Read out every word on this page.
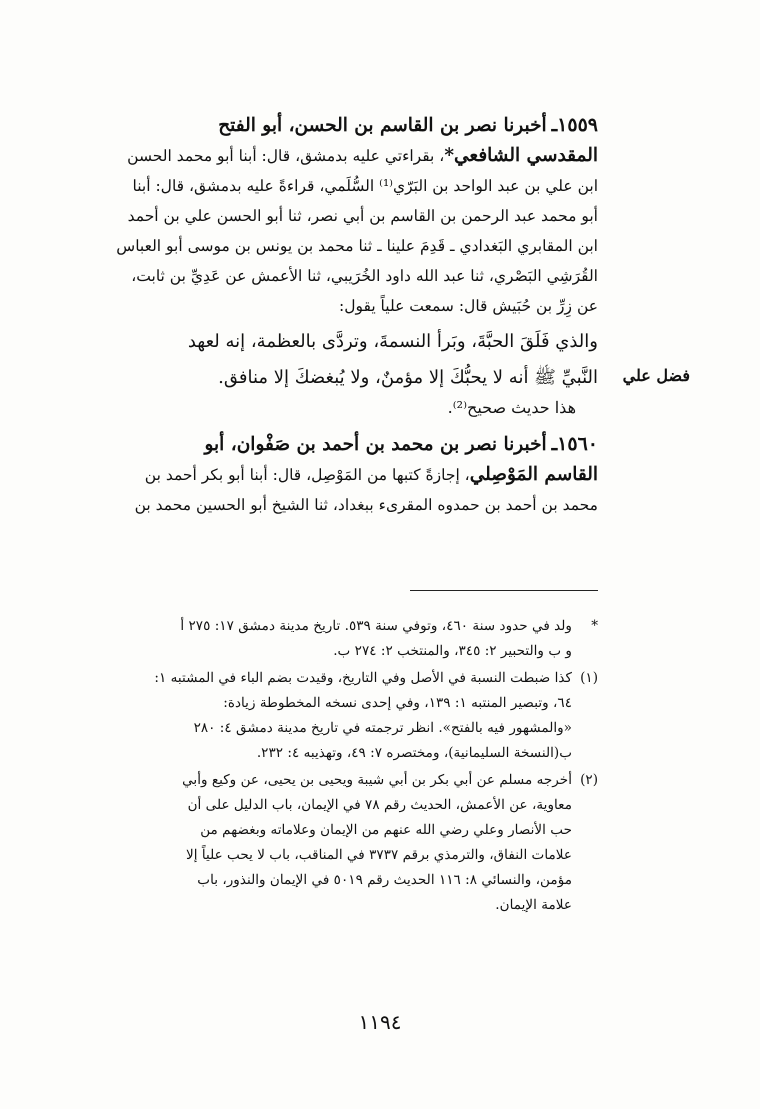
١٥٥٩ـ أخبرنا نصر بن القاسم بن الحسن، أبو الفتح

المقدسي الشافعي*، بقراءتي عليه بدمشق، قال: أبنا أبو محمد الحسن

ابن علي بن عبد الواحد بن البَرّي⁽¹⁾ السُّلَمي، قراءةً عليه بدمشق، قال: أبنا

أبو محمد عبد الرحمن بن القاسم بن أبي نصر، ثنا أبو الحسن علي بن أحمد

ابن المقابري البَغدادي ـ قَدِمَ علينا ـ ثنا محمد بن يونس بن موسى أبو العباس

القُرَشِي البَصْري، ثنا عبد الله داود الخُرَيبي، ثنا الأعمش عن عَدِيِّ بن ثابت،

عن زِرِّ بن حُبَيش قال: سمعت علياً يقول:

والذي فَلَقَ الحبَّةَ، وبَرأ النسمةَ، وتردَّى بالعظمة، إنه لعهد

النَّبيِّ ﷺ أنه لا يحبُّكَ إلا مؤمنٌ، ولا يُبغضكَ إلا منافق.

هذا حديث صحيح⁽²⁾.

١٥٦٠ـ أخبرنا نصر بن محمد بن أحمد بن صَفْوان، أبو

القاسم المَوْصِلي، إجازةً كتبها من المَوْصِل، قال: أبنا أبو بكر أحمد بن

محمد بن أحمد بن حمدوه المقرىء ببغداد، ثنا الشيخ أبو الحسين محمد بن

فضل علي
*
ولد في حدود سنة ٤٦٠، وتوفي سنة ٥٣٩. تاريخ مدينة دمشق ١٧: ٢٧٥ أ
و ب والتحبير ٢: ٣٤٥، والمنتخب ٢: ٢٧٤ ب.
(١)
كذا ضبطت النسبة في الأصل وفي التاريخ، وقيدت بضم الباء في المشتبه ١:
٦٤، وتبصير المنتبه ١: ١٣٩، وفي إحدى نسخه المخطوطة زيادة:
«والمشهور فيه بالفتح». انظر ترجمته في تاريخ مدينة دمشق ٤: ٢٨٠
ب(النسخة السليمانية)، ومختصره ٧: ٤٩، وتهذيبه ٤: ٢٣٢.
(٢)
أخرجه مسلم عن أبي بكر بن أبي شيبة ويحيى بن يحيى، عن وكيع وأبي
معاوية، عن الأعمش، الحديث رقم ٧٨ في الإيمان، باب الدليل على أن
حب الأنصار وعلي رضي الله عنهم من الإيمان وعلاماته وبغضهم من
علامات النفاق، والترمذي برقم ٣٧٣٧ في المناقب، باب لا يحب علياً إلا
مؤمن، والنسائي ٨: ١١٦ الحديث رقم ٥٠١٩ في الإيمان والنذور، باب
علامة الإيمان.
١١٩٤
